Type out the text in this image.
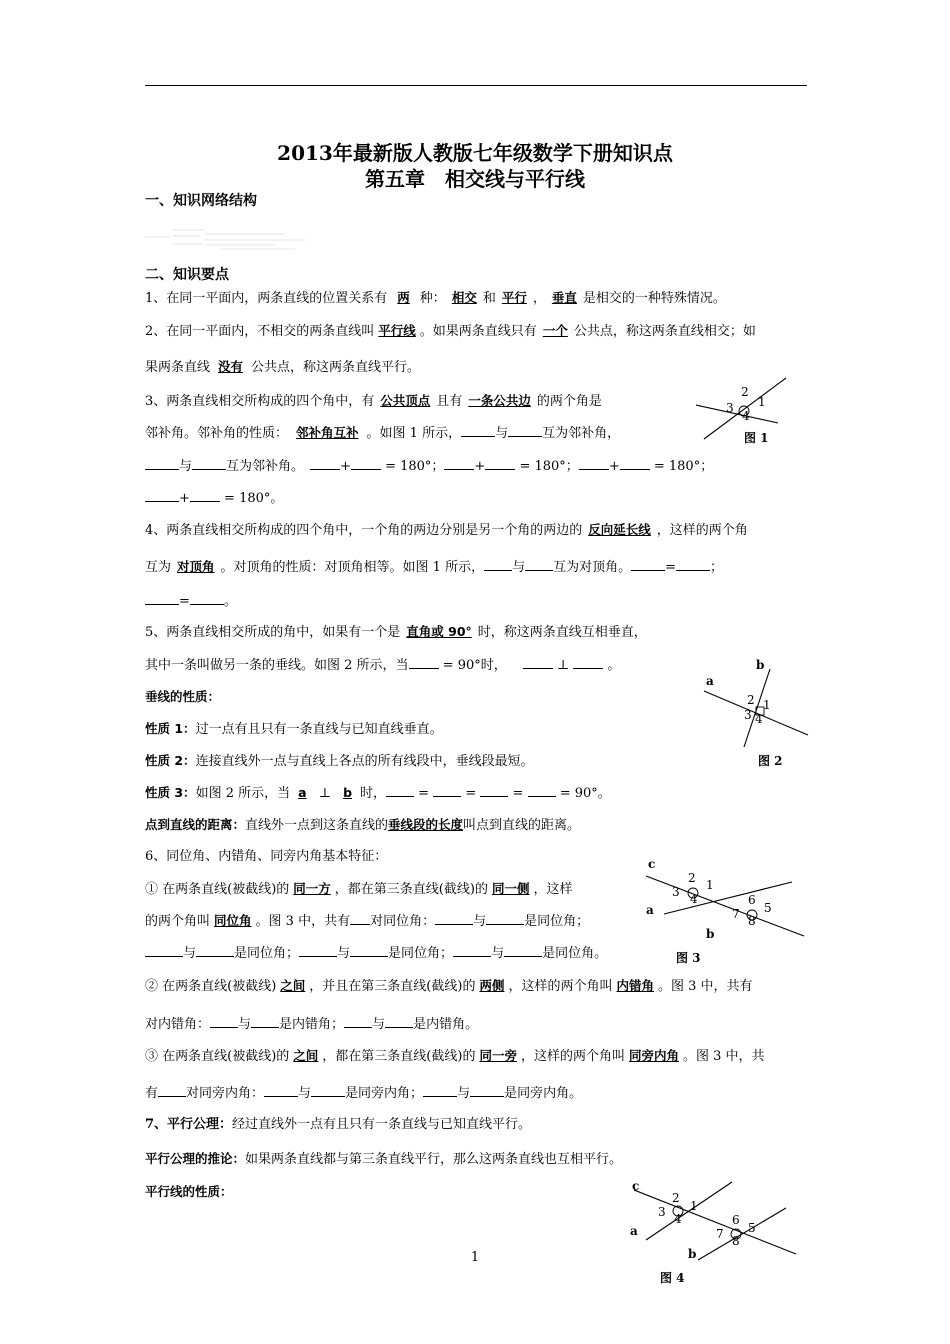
2013年最新版人教版七年级数学下册知识点
第五章　相交线与平行线
一、知识网络结构
二、知识要点
1、在同一平面内，两条直线的位置关系有 两 种： 相交 和 平行 ， 垂直 是相交的一种特殊情况。
2、在同一平面内，不相交的两条直线叫 平行线 。如果两条直线只有 一个 公共点，称这两条直线相交；如
果两条直线 没有 公共点，称这两条直线平行。
3、两条直线相交所构成的四个角中，有 公共顶点 且有 一条公共边 的两个角是
邻补角。邻补角的性质： 邻补角互补 。如图 1 所示，	与	互为邻补角，
与	互为邻补角。	+	= 180°； +	= 180°； +	= 180°；
+	= 180°。
4、两条直线相交所构成的四个角中，一个角的两边分别是另一个角的两边的 反向延长线 ，这样的两个角
互为 对顶角 。对顶角的性质：对顶角相等。如图 1 所示， 与 互为对顶角。	=	；
=	。
5、两条直线相交所成的角中，如果有一个是 直角或 90° 时，称这两条直线互相垂直，
其中一条叫做另一条的垂线。如图 2 所示，当	= 90°时，	⊥	。
垂线的性质：
性质 1：过一点有且只有一条直线与已知直线垂直。
性质 2：连接直线外一点与直线上各点的所有线段中，垂线段最短。
性质 3：如图 2 所示，当 a ⊥ b 时， =	=	=	= 90°。
点到直线的距离：直线外一点到这条直线的垂线段的长度叫点到直线的距离。
6、同位角、内错角、同旁内角基本特征：
① 在两条直线(被截线)的 同一方 ，都在第三条直线(截线)的 同一侧 ，这样
的两个角叫 同位角 。图 3 中，共有 对同位角：	与	是同位角；
与	是同位角；	与	是同位角；	与	是同位角。
② 在两条直线(被截线) 之间 ，并且在第三条直线(截线)的 两侧 ，这样的两个角叫 内错角 。图 3 中，共有
对内错角： 与 是内错角； 与 是内错角。
③ 在两条直线(被截线)的 之间 ，都在第三条直线(截线)的 同一旁 ，这样的两个角叫 同旁内角 。图 3 中，共
有 对同旁内角：	与	是同旁内角；	与	是同旁内角。
7、平行公理：经过直线外一点有且只有一条直线与已知直线平行。
平行公理的推论：如果两条直线都与第三条直线平行，那么这两条直线也互相平行。
平行线的性质：
2
1
3
4
图 1
b
a
2 1
3 4
图 2
c
a
b
2 1
3 4	6
5
7 8
图 3
c
a
b
2
1
3 4	6
5
7 8
图 4
1
